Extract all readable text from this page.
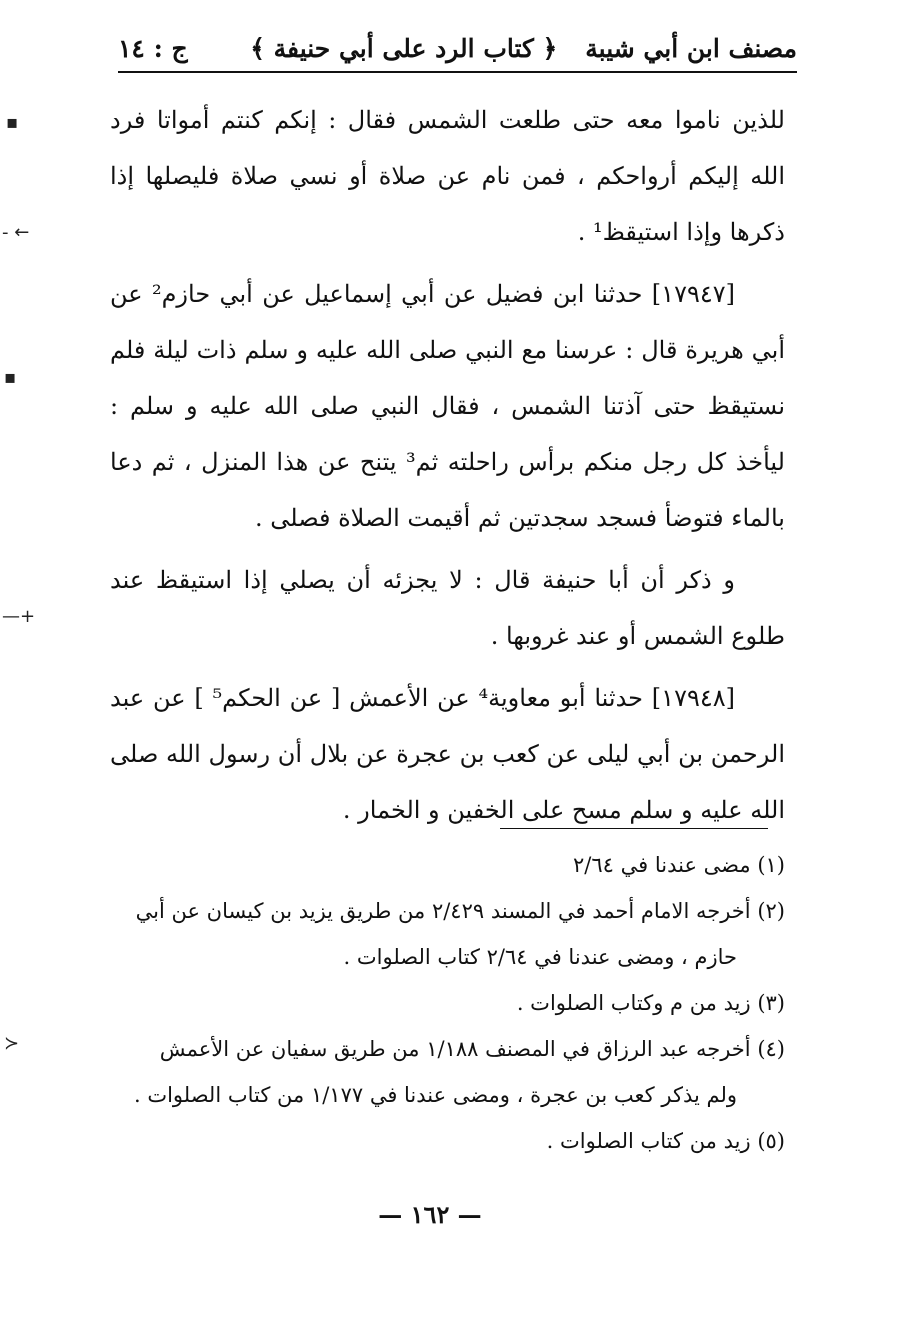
مصنف ابن أبي شيبة
﴿ كتاب الرد على أبي حنيفة ﴾
ج : ١٤

للذين ناموا معه حتى طلعت الشمس فقال : إنكم كنتم أمواتا فرد الله إليكم أرواحكم ، فمن نام عن صلاة أو نسي صلاة فليصلها إذا ذكرها وإذا استيقظ¹ .

[١٧٩٤٧] حدثنا ابن فضيل عن أبي إسماعيل عن أبي حازم² عن أبي هريرة قال : عرسنا مع النبي صلى الله عليه و سلم ذات ليلة فلم نستيقظ حتى آذتنا الشمس ، فقال النبي صلى الله عليه و سلم : ليأخذ كل رجل منكم برأس راحلته ثم³ يتنح عن هذا المنزل ، ثم دعا بالماء فتوضأ فسجد سجدتين ثم أقيمت الصلاة فصلى .

و ذكر أن أبا حنيفة قال : لا يجزئه أن يصلي إذا استيقظ عند طلوع الشمس أو عند غروبها .

[١٧٩٤٨] حدثنا أبو معاوية⁴ عن الأعمش [ عن الحكم⁵ ] عن عبد الرحمن بن أبي ليلى عن كعب بن عجرة عن بلال أن رسول الله صلى الله عليه و سلم مسح على الخفين و الخمار .

(١) مضى عندنا في ٢/٦٤
(٢) أخرجه الامام أحمد في المسند ٢/٤٢٩ من طريق يزيد بن كيسان عن أبي
حازم ، ومضى عندنا في ٢/٦٤ كتاب الصلوات .
(٣) زيد من م وكتاب الصلوات .
(٤) أخرجه عبد الرزاق في المصنف ١/١٨٨ من طريق سفيان عن الأعمش
ولم يذكر كعب بن عجرة ، ومضى عندنا في ١/١٧٧ من كتاب الصلوات .
(٥) زيد من كتاب الصلوات .
— ١٦٢ —
▪
- ←
▪
—+
≻
